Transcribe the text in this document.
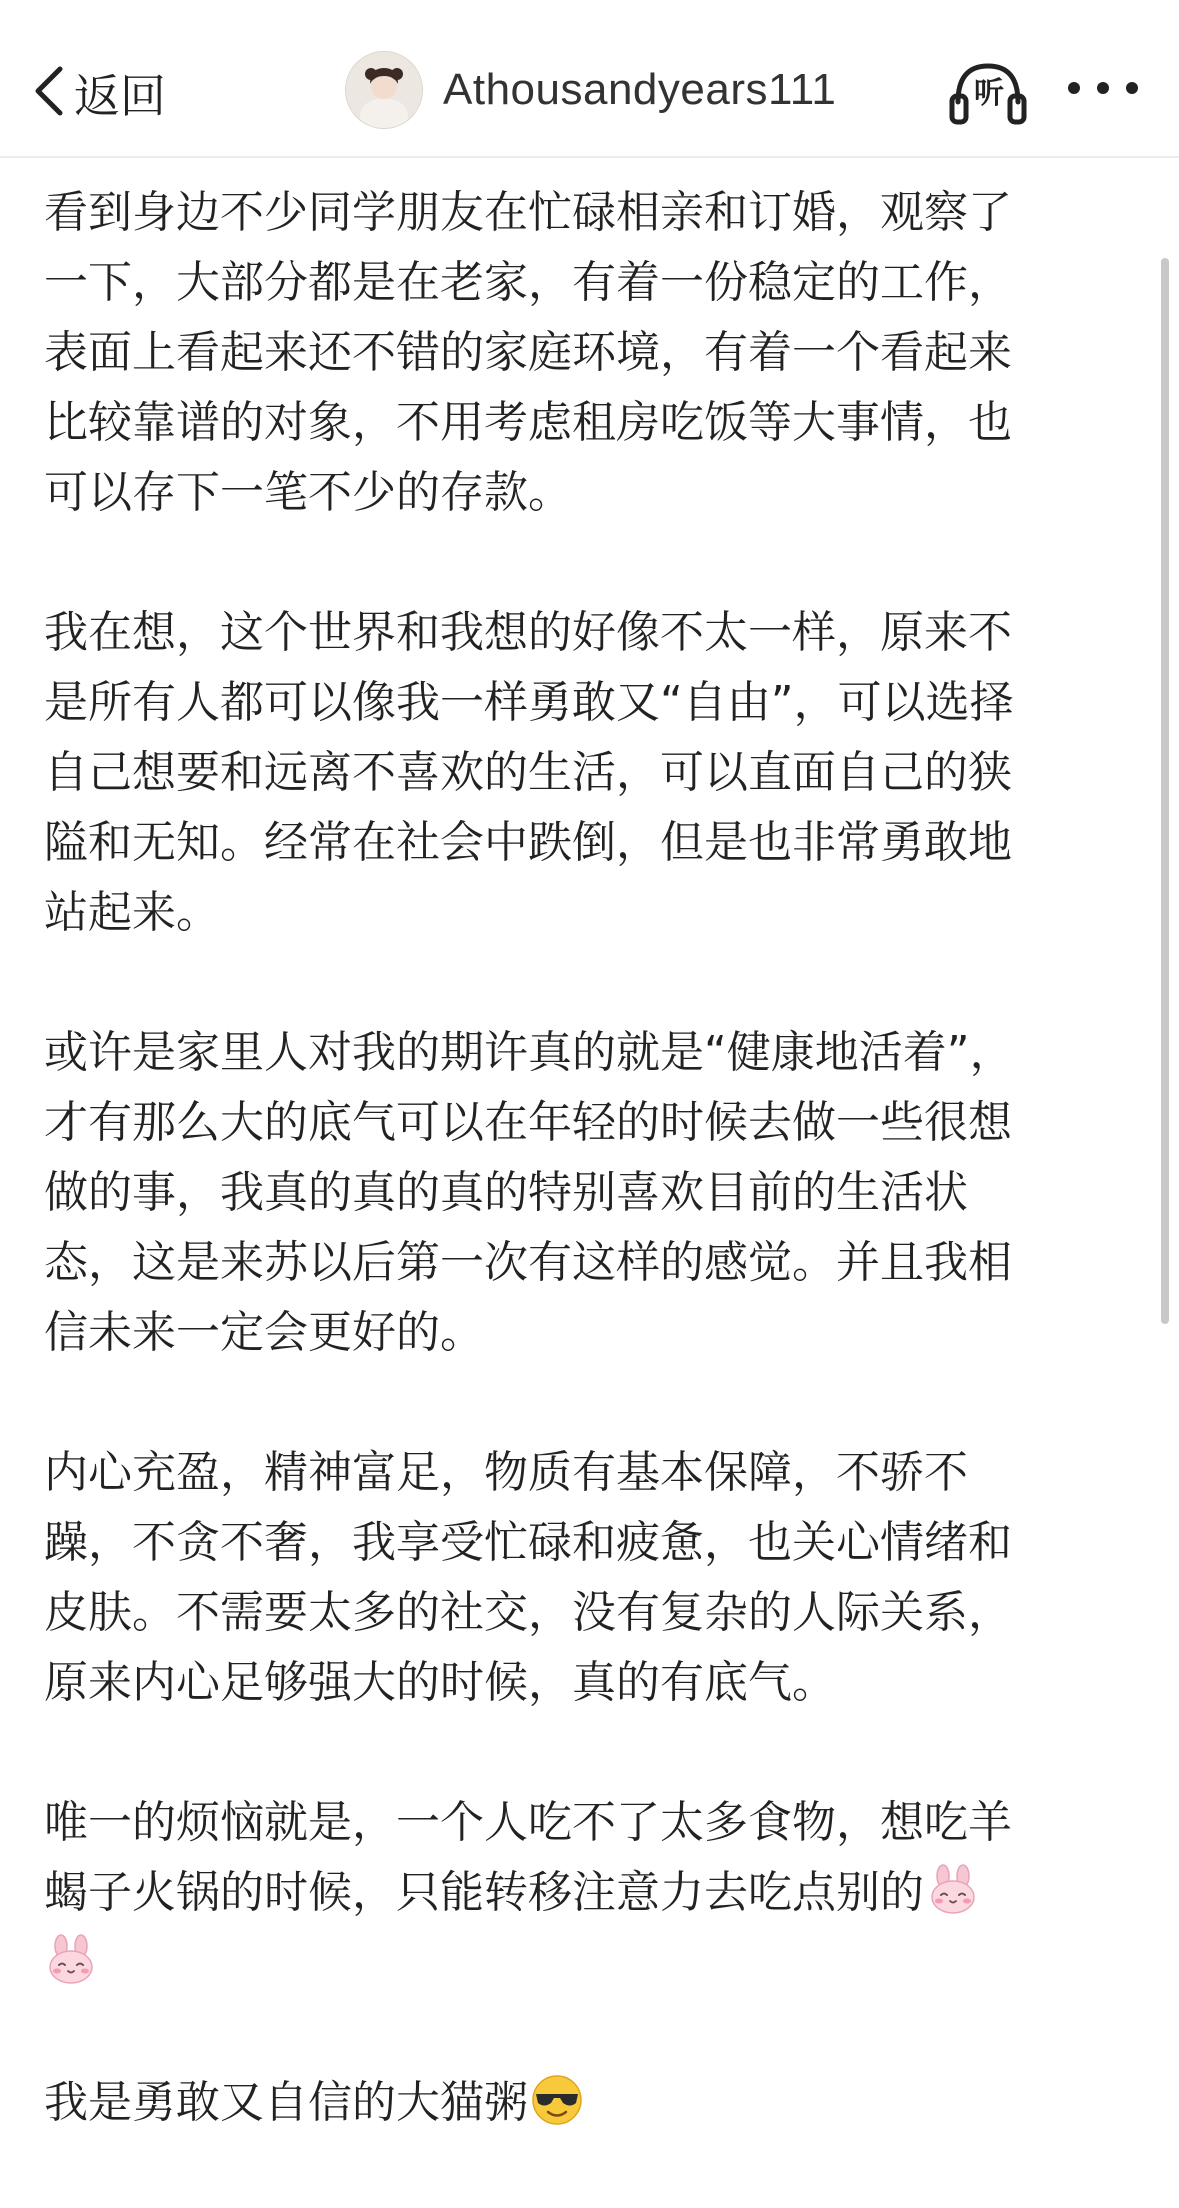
返回	Athousandyears111	听

看到身边不少同学朋友在忙碌相亲和订婚，观察了
一下，大部分都是在老家，有着一份稳定的工作，
表面上看起来还不错的家庭环境，有着一个看起来
比较靠谱的对象，不用考虑租房吃饭等大事情，也
可以存下一笔不少的存款。

我在想，这个世界和我想的好像不太一样，原来不
是所有人都可以像我一样勇敢又“自由”，可以选择
自己想要和远离不喜欢的生活，可以直面自己的狭
隘和无知。经常在社会中跌倒，但是也非常勇敢地
站起来。

或许是家里人对我的期许真的就是“健康地活着”，
才有那么大的底气可以在年轻的时候去做一些很想
做的事，我真的真的真的特别喜欢目前的生活状
态，这是来苏以后第一次有这样的感觉。并且我相
信未来一定会更好的。

内心充盈，精神富足，物质有基本保障，不骄不
躁，不贪不奢，我享受忙碌和疲惫，也关心情绪和
皮肤。不需要太多的社交，没有复杂的人际关系，
原来内心足够强大的时候，真的有底气。

唯一的烦恼就是，一个人吃不了太多食物，想吃羊
蝎子火锅的时候，只能转移注意力去吃点别的

我是勇敢又自信的大猫粥
